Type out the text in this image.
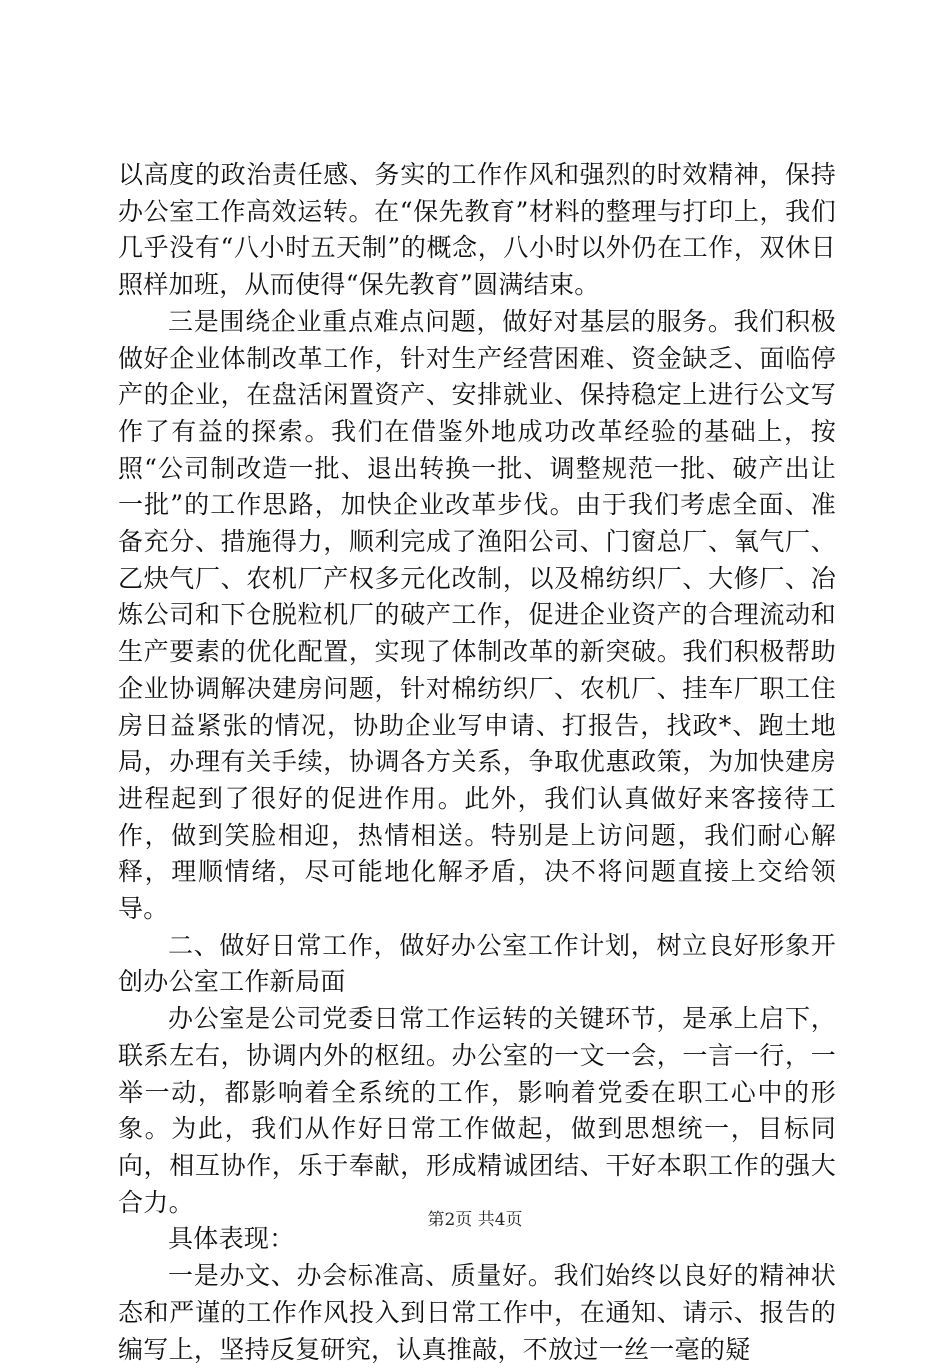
以高度的政治责任感、务实的工作作风和强烈的时效精神，保持办公室工作高效运转。在“保先教育”材料的整理与打印上，我们几乎没有“八小时五天制”的概念，八小时以外仍在工作，双休日照样加班，从而使得“保先教育”圆满结束。

三是围绕企业重点难点问题，做好对基层的服务。我们积极做好企业体制改革工作，针对生产经营困难、资金缺乏、面临停产的企业，在盘活闲置资产、安排就业、保持稳定上进行公文写作了有益的探索。我们在借鉴外地成功改革经验的基础上，按照“公司制改造一批、退出转换一批、调整规范一批、破产出让一批”的工作思路，加快企业改革步伐。由于我们考虑全面、准备充分、措施得力，顺利完成了渔阳公司、门窗总厂、氧气厂、乙炔气厂、农机厂产权多元化改制，以及棉纺织厂、大修厂、冶炼公司和下仓脱粒机厂的破产工作，促进企业资产的合理流动和生产要素的优化配置，实现了体制改革的新突破。我们积极帮助企业协调解决建房问题，针对棉纺织厂、农机厂、挂车厂职工住房日益紧张的情况，协助企业写申请、打报告，找政*、跑土地局，办理有关手续，协调各方关系，争取优惠政策，为加快建房进程起到了很好的促进作用。此外，我们认真做好来客接待工作，做到笑脸相迎，热情相送。特别是上访问题，我们耐心解释，理顺情绪，尽可能地化解矛盾，决不将问题直接上交给领导。

二、做好日常工作，做好办公室工作计划，树立良好形象开创办公室工作新局面

办公室是公司党委日常工作运转的关键环节，是承上启下，联系左右，协调内外的枢纽。办公室的一文一会，一言一行，一举一动，都影响着全系统的工作，影响着党委在职工心中的形象。为此，我们从作好日常工作做起，做到思想统一，目标同向，相互协作，乐于奉献，形成精诚团结、干好本职工作的强大合力。

具体表现：

一是办文、办会标准高、质量好。我们始终以良好的精神状态和严谨的工作作风投入到日常工作中，在通知、请示、报告的编写上，坚持反复研究，认真推敲，不放过一丝一毫的疑

第2页 共4页
